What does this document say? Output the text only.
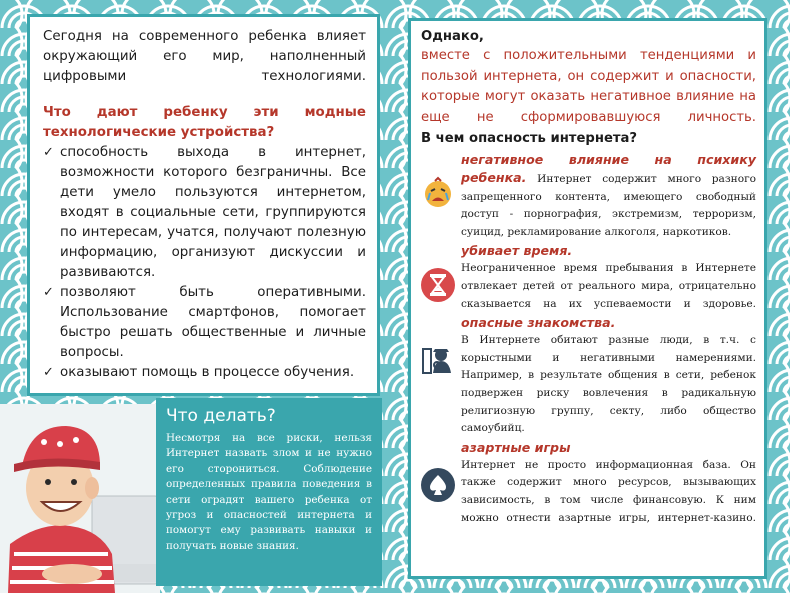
Сегодня на современного ребенка влияет окружающий его мир, наполненный цифровыми технологиями.

Что дают ребенку эти модные технологические устройства?

✓ способность выхода в интернет, возможности которого безграничны. Все дети умело пользуются интернетом, входят в социальные сети, группируются по интересам, учатся, получают полезную информацию, организуют дискуссии и развиваются.
✓ позволяют быть оперативными. Использование смартфонов, помогает быстро решать общественные и личные вопросы.
✓ оказывают помощь в процессе обучения.
Что делать?

Несмотря на все риски, нельзя Интернет назвать злом и не нужно его сторониться. Соблюдение определенных правила поведения в сети оградят вашего ребенка от угроз и опасностей интернета и помогут ему развивать навыки и получать новые знания.

Однако,

вместе с положительными тенденциями и пользой интернета, он содержит и опасности, которые могут оказать негативное влияние на еще не сформировавшуюся личность.

В чем опасность интернета?

негативное влияние на психику
ребенка. Интернет содержит много разного запрещенного контента, имеющего свободный доступ - порнография, экстремизм, терроризм, суицид, рекламирование алкоголя, наркотиков.
убивает время.
Неограниченное время пребывания в Интернете отвлекает детей от реального мира, отрицательно сказывается на их успеваемости и здоровье.
опасные знакомства.
В Интернете обитают разные люди, в т.ч. с корыстными и негативными намерениями. Например, в результате общения в сети, ребенок подвержен риску вовлечения в радикальную религиозную группу, секту, либо общество самоубийц.
азартные игры
Интернет не просто информационная база. Он также содержит много ресурсов, вызывающих зависимость, в том числе финансовую. К ним можно отнести азартные игры, интернет-казино.
